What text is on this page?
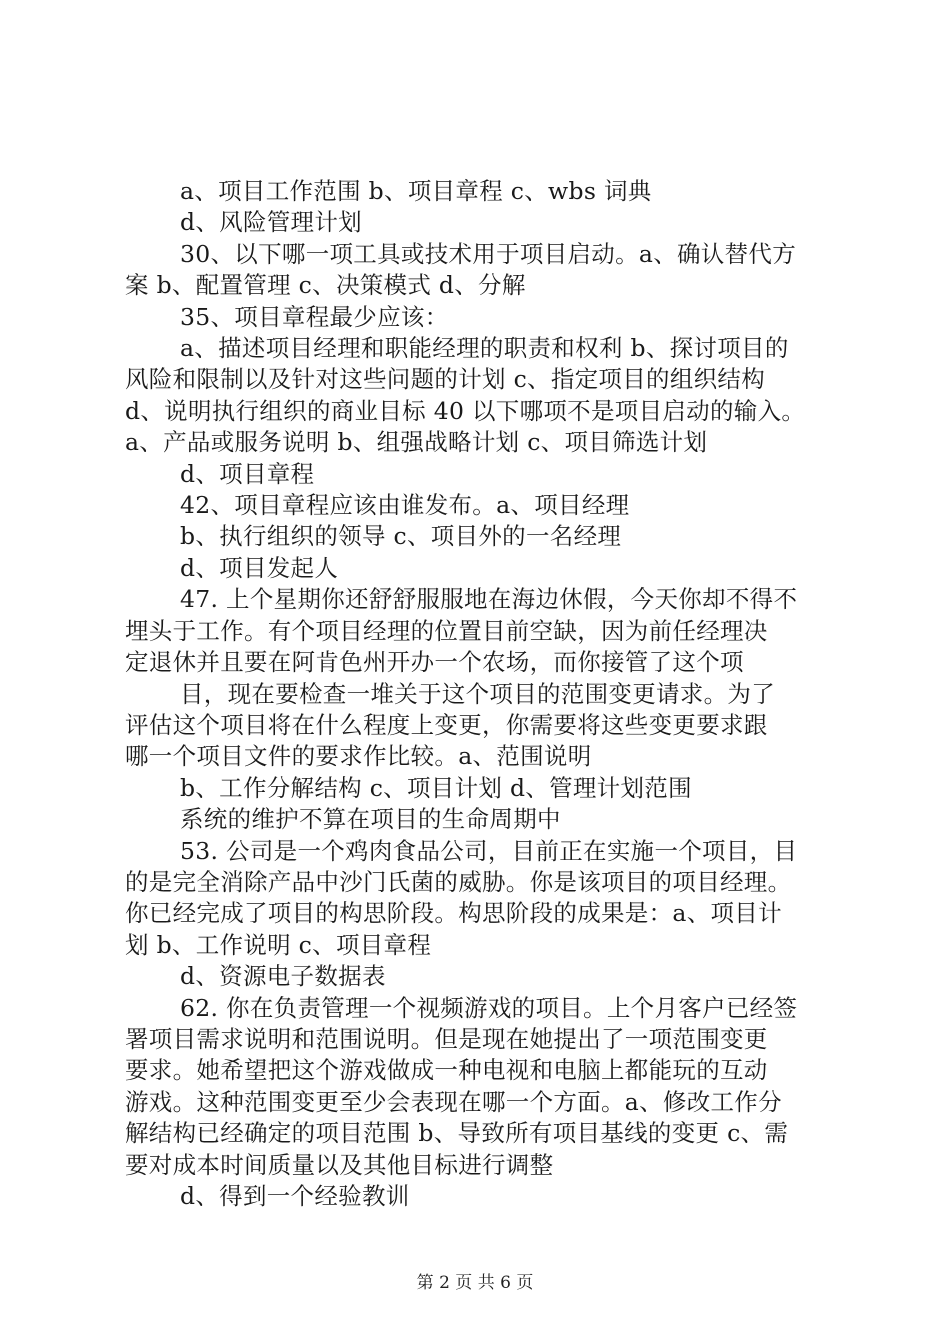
a、项目工作范围 b、项目章程 c、wbs 词典

d、风险管理计划

30、以下哪一项工具或技术用于项目启动。a、确认替代方

案 b、配置管理 c、决策模式 d、分解

35、项目章程最少应该：

a、描述项目经理和职能经理的职责和权利 b、探讨项目的

风险和限制以及针对这些问题的计划 c、指定项目的组织结构

d、说明执行组织的商业目标 40 以下哪项不是项目启动的输入。

a、产品或服务说明 b、组强战略计划 c、项目筛选计划

d、项目章程

42、项目章程应该由谁发布。a、项目经理

b、执行组织的领导 c、项目外的一名经理

d、项目发起人

47. 上个星期你还舒舒服服地在海边休假，今天你却不得不

埋头于工作。有个项目经理的位置目前空缺，因为前任经理决

定退休并且要在阿肯色州开办一个农场，而你接管了这个项

目，现在要检查一堆关于这个项目的范围变更请求。为了

评估这个项目将在什么程度上变更，你需要将这些变更要求跟

哪一个项目文件的要求作比较。a、范围说明

b、工作分解结构 c、项目计划 d、管理计划范围

系统的维护不算在项目的生命周期中

53. 公司是一个鸡肉食品公司，目前正在实施一个项目，目

的是完全消除产品中沙门氏菌的威胁。你是该项目的项目经理。

你已经完成了项目的构思阶段。构思阶段的成果是：a、项目计

划 b、工作说明 c、项目章程

d、资源电子数据表

62. 你在负责管理一个视频游戏的项目。上个月客户已经签

署项目需求说明和范围说明。但是现在她提出了一项范围变更

要求。她希望把这个游戏做成一种电视和电脑上都能玩的互动

游戏。这种范围变更至少会表现在哪一个方面。a、修改工作分

解结构已经确定的项目范围 b、导致所有项目基线的变更 c、需

要对成本时间质量以及其他目标进行调整

d、得到一个经验教训

第 2 页 共 6 页
